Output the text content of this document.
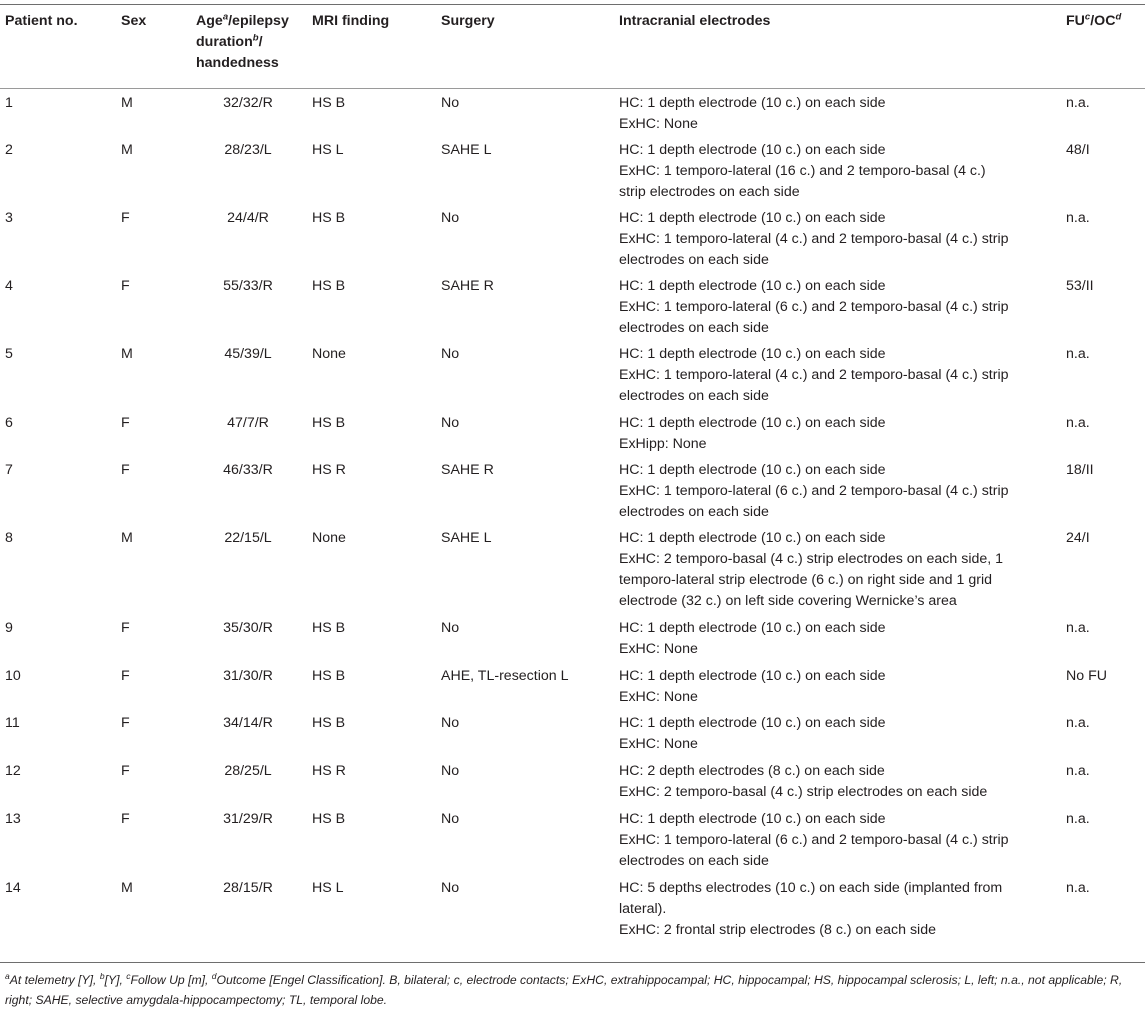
Patient no.	Sex	Age$^a$/epilepsy
duration$^b$/
handedness	MRI finding	Surgery	Intracranial electrodes	$FU^c/OC^d$
1	M	32/32/R	HS B	No	HC: 1 depth electrode (10 c.) on each side
ExHC: None	n.a.
2	M	28/23/L	HS L	SAHE L	HC: 1 depth electrode (10 c.) on each side
ExHC: 1 temporo-lateral (16 c.) and 2 temporo-basal (4 c.)
strip electrodes on each side	48/I
3	F	24/4/R	HS B	No	HC: 1 depth electrode (10 c.) on each side
ExHC: 1 temporo-lateral (4 c.) and 2 temporo-basal (4 c.) strip
electrodes on each side	n.a.
4	F	55/33/R	HS B	SAHE R	HC: 1 depth electrode (10 c.) on each side
ExHC: 1 temporo-lateral (6 c.) and 2 temporo-basal (4 c.) strip
electrodes on each side	53/II
5	M	45/39/L	None	No	HC: 1 depth electrode (10 c.) on each side
ExHC: 1 temporo-lateral (4 c.) and 2 temporo-basal (4 c.) strip
electrodes on each side	n.a.
6	F	47/7/R	HS B	No	HC: 1 depth electrode (10 c.) on each side
ExHipp: None	n.a.
7	F	46/33/R	HS R	SAHE R	HC: 1 depth electrode (10 c.) on each side
ExHC: 1 temporo-lateral (6 c.) and 2 temporo-basal (4 c.) strip
electrodes on each side	18/II
8	M	22/15/L	None	SAHE L	HC: 1 depth electrode (10 c.) on each side
ExHC: 2 temporo-basal (4 c.) strip electrodes on each side, 1
temporo-lateral strip electrode (6 c.) on right side and 1 grid
electrode (32 c.) on left side covering Wernicke’s area	24/I
9	F	35/30/R	HS B	No	HC: 1 depth electrode (10 c.) on each side
ExHC: None	n.a.
10	F	31/30/R	HS B	AHE, TL-resection L	HC: 1 depth electrode (10 c.) on each side
ExHC: None	No FU
11	F	34/14/R	HS B	No	HC: 1 depth electrode (10 c.) on each side
ExHC: None	n.a.
12	F	28/25/L	HS R	No	HC: 2 depth electrodes (8 c.) on each side
ExHC: 2 temporo-basal (4 c.) strip electrodes on each side	n.a.
13	F	31/29/R	HS B	No	HC: 1 depth electrode (10 c.) on each side
ExHC: 1 temporo-lateral (6 c.) and 2 temporo-basal (4 c.) strip
electrodes on each side	n.a.
14	M	28/15/R	HS L	No	HC: 5 depths electrodes (10 c.) on each side (implanted from
lateral).
ExHC: 2 frontal strip electrodes (8 c.) on each side	n.a.
$^a$At telemetry [Y], $^b$[Y], $^c$Follow Up [m], $^d$Outcome [Engel Classification]. B, bilateral; c, electrode contacts; ExHC, extrahippocampal; HC, hippocampal; HS, hippocampal sclerosis; L, left; n.a., not applicable; R, right; SAHE, selective amygdala-hippocampectomy; TL, temporal lobe.
